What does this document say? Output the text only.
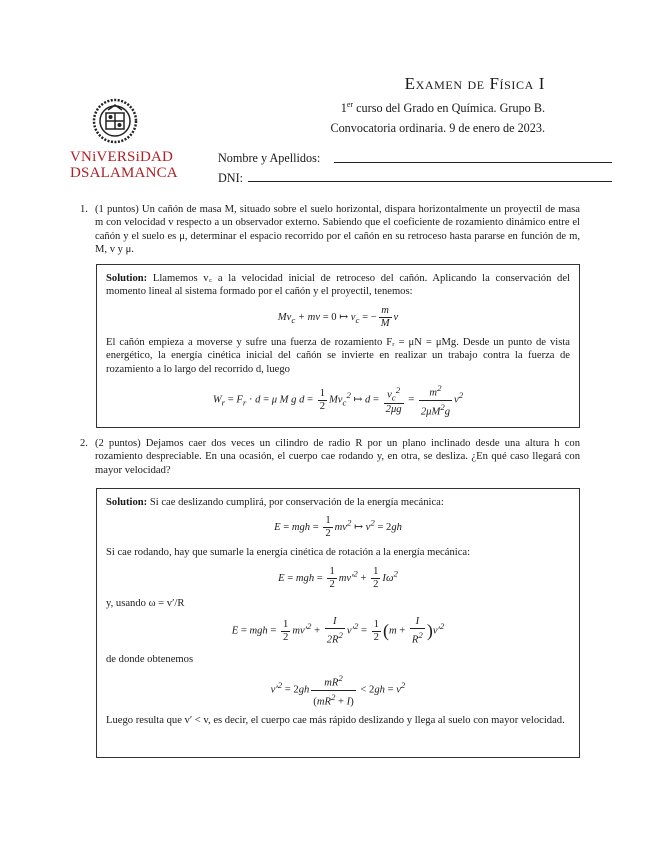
VNiVERSiDAD
DSALAMANCA
Examen de Física I
1er curso del Grado en Química. Grupo B.
Convocatoria ordinaria. 9 de enero de 2023.
Nombre y Apellidos:
DNI:
1. (1 puntos) Un cañón de masa M, situado sobre el suelo horizontal, dispara horizontalmente un proyectil de masa m con velocidad v respecto a un observador externo. Sabiendo que el coeficiente de rozamiento dinámico entre el cañón y el suelo es μ, determinar el espacio recorrido por el cañón en su retroceso hasta pararse en función de m, M, v y μ.
Solution: Llamemos v꜀ a la velocidad inicial de retroceso del cañón. Aplicando la conservación del momento lineal al sistema formado por el cañón y el proyectil, tenemos:
$Mv_c$ + mv = 0 ↦ $v_c$ = − $\frac{m}{M}$ v
El cañón empieza a moverse y sufre una fuerza de rozamiento Fᵣ = μN = μMg. Desde un punto de vista energético, la energía cinética inicial del cañón se invierte en realizar un trabajo contra la fuerza de rozamiento a lo largo del recorrido d, luego
$W_r = F_r \cdot d = \mu$ M g $d = \frac{1}{2} Mv_c^2$ ↦ $d = \frac{v_c^2}{2\mu g} = \frac{m^2}{2\mu M^2g} v^2$
2. (2 puntos) Dejamos caer dos veces un cilindro de radio R por un plano inclinado desde una altura h con rozamiento despreciable. En una ocasión, el cuerpo cae rodando y, en otra, se desliza. ¿En qué caso llegará con mayor velocidad?
Solution: Si cae deslizando cumplirá, por conservación de la energía mecánica:
E = mgh = $\frac{1}{2} mv^2$ ↦ $v^2 = 2gh$
Si cae rodando, hay que sumarle la energía cinética de rotación a la energía mecánica:
E = mgh = $\frac{1}{2} mv'^2 + \frac{1}{2} I\omega^2$
y, usando ω = v′/R
E = mgh = $\frac{1}{2} mv'^2 + \frac{I}{2R^2} v'^2 = \frac{1}{2} (m + \frac{I}{R^2} )v'^2$
de donde obtenemos
$v'^2 = 2gh \frac{mR^2}{(mR^2 + I)} < 2gh = v^2$
Luego resulta que v′ < v, es decir, el cuerpo cae más rápido deslizando y llega al suelo con mayor velocidad.
